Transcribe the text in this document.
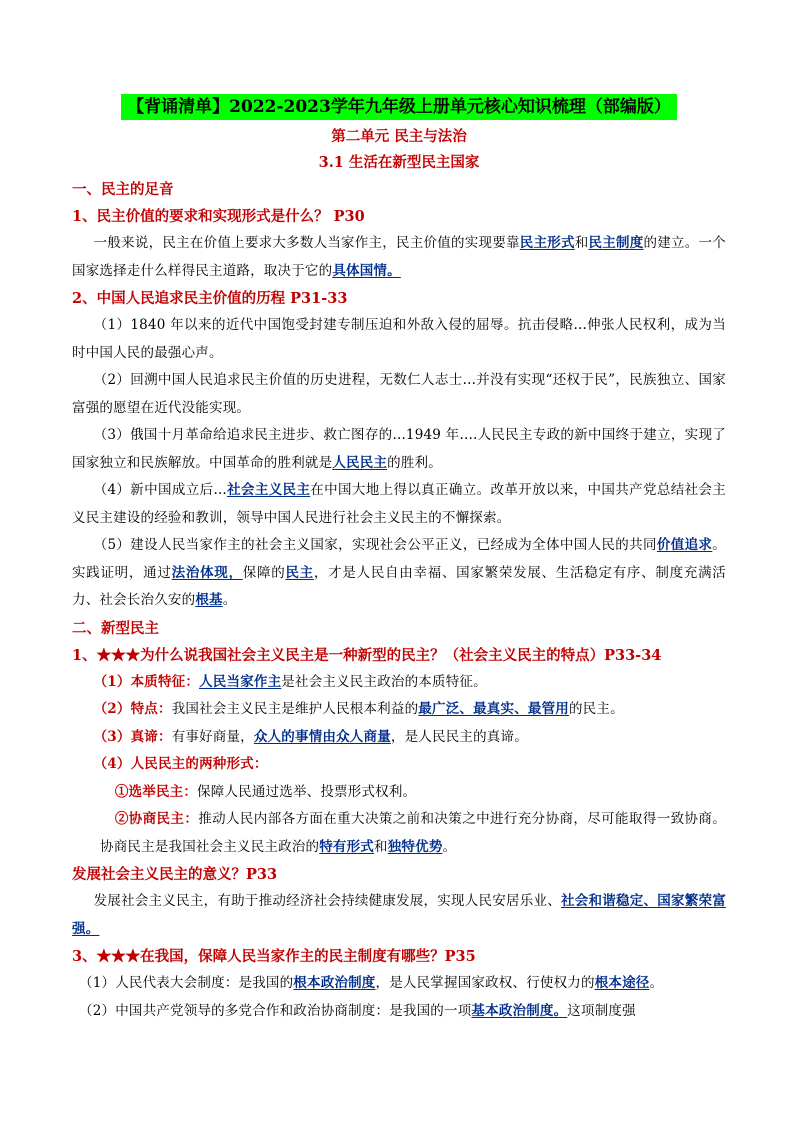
【背诵清单】2022-2023学年九年级上册单元核心知识梳理（部编版）
第二单元 民主与法治
3.1 生活在新型民主国家

一、民主的足音

1、民主价值的要求和实现形式是什么？ P30

一般来说，民主在价值上要求大多数人当家作主，民主价值的实现要靠民主形式和民主制度的建立。一个国家选择走什么样得民主道路，取决于它的具体国情。

2、中国人民追求民主价值的历程 P31-33

（1）1840 年以来的近代中国饱受封建专制压迫和外敌入侵的屈辱。抗击侵略...伸张人民权利，成为当时中国人民的最强心声。

（2）回溯中国人民追求民主价值的历史进程，无数仁人志士...并没有实现“还权于民”，民族独立、国家富强的愿望在近代没能实现。

（3）俄国十月革命给追求民主进步、救亡图存的...1949 年....人民民主专政的新中国终于建立，实现了国家独立和民族解放。中国革命的胜利就是人民民主的胜利。

（4）新中国成立后...社会主义民主在中国大地上得以真正确立。改革开放以来，中国共产党总结社会主义民主建设的经验和教训，领导中国人民进行社会主义民主的不懈探索。

（5）建设人民当家作主的社会主义国家，实现社会公平正义，已经成为全体中国人民的共同价值追求。实践证明，通过法治体现，保障的民主，才是人民自由幸福、国家繁荣发展、生活稳定有序、制度充满活力、社会长治久安的根基。

二、新型民主

1、★★★为什么说我国社会主义民主是一种新型的民主？（社会主义民主的特点）P33-34

（1）本质特征：人民当家作主是社会主义民主政治的本质特征。

（2）特点：我国社会主义民主是维护人民根本利益的最广泛、最真实、最管用的民主。

（3）真谛：有事好商量，众人的事情由众人商量，是人民民主的真谛。

（4）人民民主的两种形式：

①选举民主：保障人民通过选举、投票形式权利。

②协商民主：推动人民内部各方面在重大决策之前和决策之中进行充分协商，尽可能取得一致协商。协商民主是我国社会主义民主政治的特有形式和独特优势。

发展社会主义民主的意义？P33

发展社会主义民主，有助于推动经济社会持续健康发展，实现人民安居乐业、社会和谐稳定、国家繁荣富强。

3、★★★在我国，保障人民当家作主的民主制度有哪些？P35

（1）人民代表大会制度：是我国的根本政治制度，是人民掌握国家政权、行使权力的根本途径。

（2）中国共产党领导的多党合作和政治协商制度：是我国的一项基本政治制度。这项制度强
